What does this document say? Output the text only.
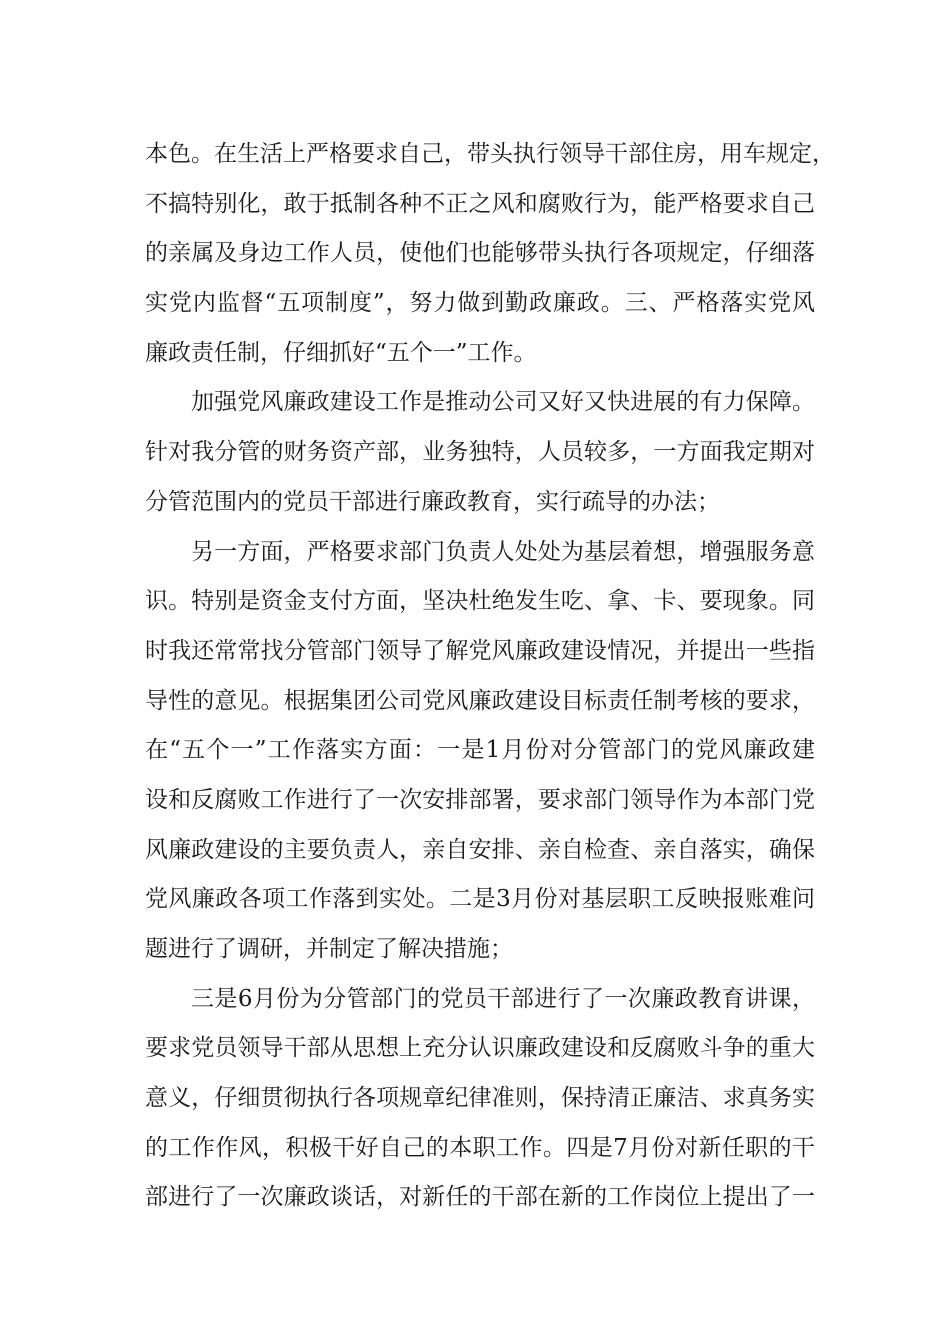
本色。在生活上严格要求自己，带头执行领导干部住房，用车规定，
不搞特别化，敢于抵制各种不正之风和腐败行为，能严格要求自己
的亲属及身边工作人员，使他们也能够带头执行各项规定，仔细落
实党内监督“五项制度”，努力做到勤政廉政。三、严格落实党风
廉政责任制，仔细抓好“五个一”工作。
加强党风廉政建设工作是推动公司又好又快进展的有力保障。
针对我分管的财务资产部，业务独特，人员较多，一方面我定期对
分管范围内的党员干部进行廉政教育，实行疏导的办法；
另一方面，严格要求部门负责人处处为基层着想，增强服务意
识。特别是资金支付方面，坚决杜绝发生吃、拿、卡、要现象。同
时我还常常找分管部门领导了解党风廉政建设情况，并提出一些指
导性的意见。根据集团公司党风廉政建设目标责任制考核的要求，
在“五个一”工作落实方面：一是1月份对分管部门的党风廉政建
设和反腐败工作进行了一次安排部署，要求部门领导作为本部门党
风廉政建设的主要负责人，亲自安排、亲自检查、亲自落实，确保
党风廉政各项工作落到实处。二是3月份对基层职工反映报账难问
题进行了调研，并制定了解决措施；
三是6月份为分管部门的党员干部进行了一次廉政教育讲课，
要求党员领导干部从思想上充分认识廉政建设和反腐败斗争的重大
意义，仔细贯彻执行各项规章纪律准则，保持清正廉洁、求真务实
的工作作风，积极干好自己的本职工作。四是7月份对新任职的干
部进行了一次廉政谈话，对新任的干部在新的工作岗位上提出了一
